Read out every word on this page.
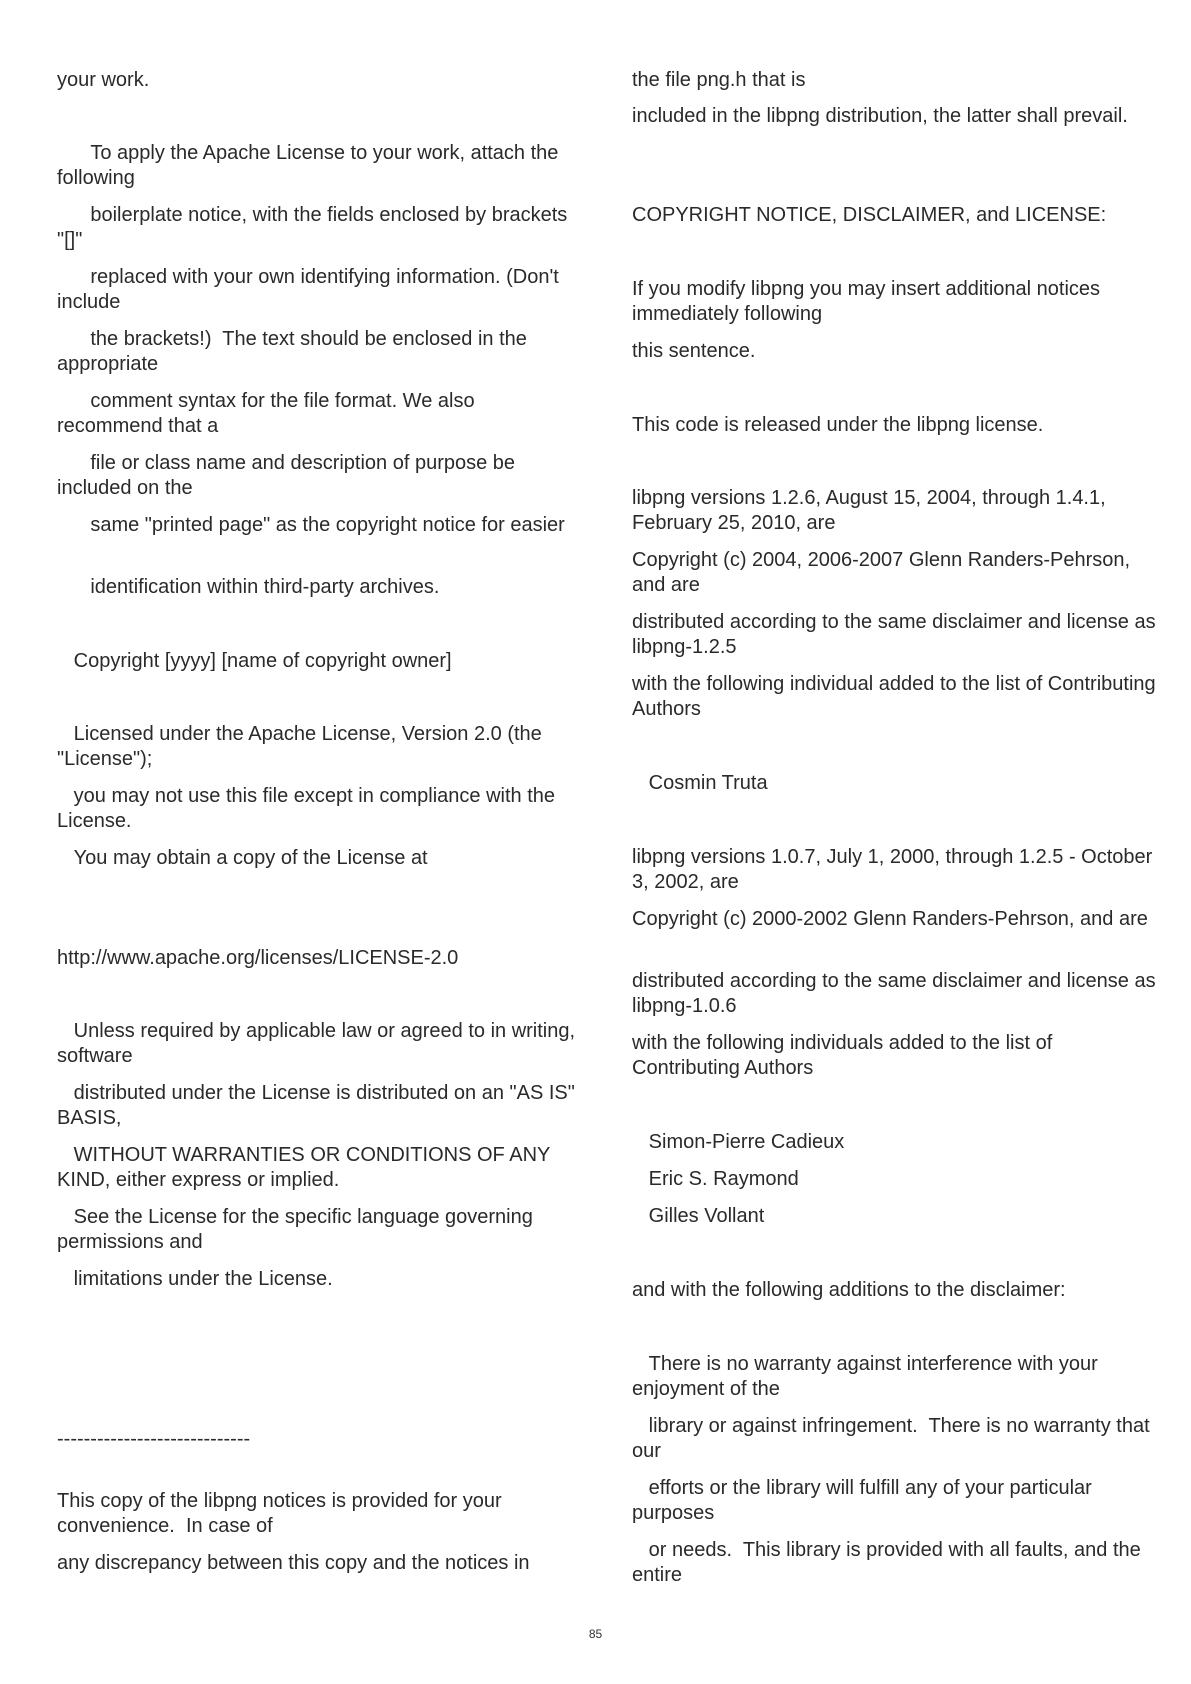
your work.

To apply the Apache License to your work, attach the following

boilerplate notice, with the fields enclosed by brackets "[]"

replaced with your own identifying information. (Don't include

the brackets!)  The text should be enclosed in the appropriate

comment syntax for the file format. We also recommend that a

file or class name and description of purpose be included on the

same "printed page" as the copyright notice for easier

identification within third-party archives.

Copyright [yyyy] [name of copyright owner]

Licensed under the Apache License, Version 2.0 (the "License");

you may not use this file except in compliance with the License.

You may obtain a copy of the License at

http://www.apache.org/licenses/LICENSE-2.0

Unless required by applicable law or agreed to in writing, software

distributed under the License is distributed on an "AS IS" BASIS,

WITHOUT WARRANTIES OR CONDITIONS OF ANY KIND, either express or implied.

See the License for the specific language governing permissions and

limitations under the License.

-----------------------------

This copy of the libpng notices is provided for your convenience.  In case of

any discrepancy between this copy and the notices in

the file png.h that is

included in the libpng distribution, the latter shall prevail.

COPYRIGHT NOTICE, DISCLAIMER, and LICENSE:

If you modify libpng you may insert additional notices immediately following

this sentence.

This code is released under the libpng license.

libpng versions 1.2.6, August 15, 2004, through 1.4.1, February 25, 2010, are

Copyright (c) 2004, 2006-2007 Glenn Randers-Pehrson, and are

distributed according to the same disclaimer and license as libpng-1.2.5

with the following individual added to the list of Contributing Authors

Cosmin Truta

libpng versions 1.0.7, July 1, 2000, through 1.2.5 - October 3, 2002, are

Copyright (c) 2000-2002 Glenn Randers-Pehrson, and are

distributed according to the same disclaimer and license as libpng-1.0.6

with the following individuals added to the list of Contributing Authors

Simon-Pierre Cadieux

Eric S. Raymond

Gilles Vollant

and with the following additions to the disclaimer:

There is no warranty against interference with your enjoyment of the

library or against infringement.  There is no warranty that our

efforts or the library will fulfill any of your particular purposes

or needs.  This library is provided with all faults, and the entire

85
